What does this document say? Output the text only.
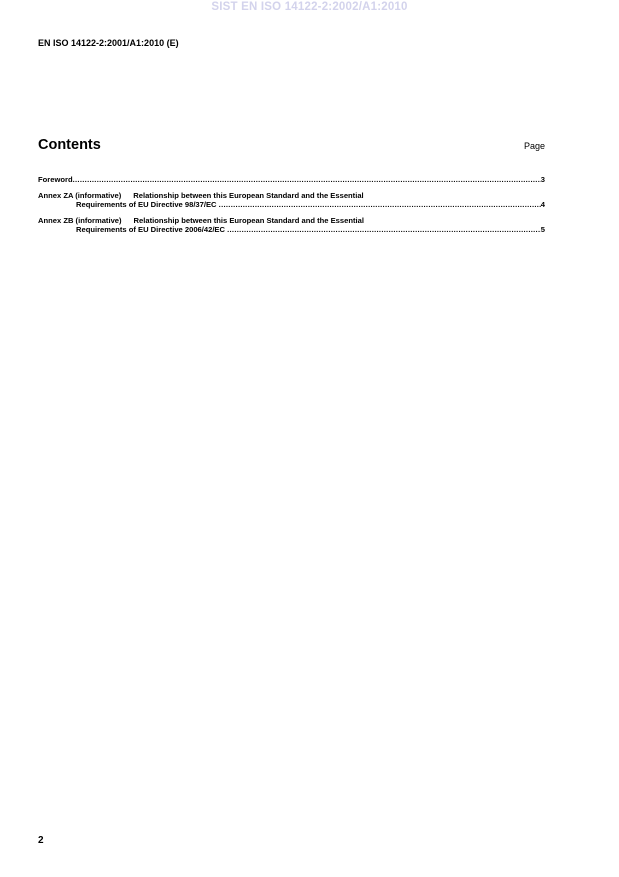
SIST EN ISO 14122-2:2002/A1:2010
EN ISO 14122-2:2001/A1:2010 (E)
Contents	Page
Foreword .....	3
Annex ZA (informative) Relationship between this European Standard and the Essential
Requirements of EU Directive 98/37/EC
.....	4
Annex ZB (informative) Relationship between this European Standard and the Essential
Requirements of EU Directive 2006/42/EC
.....	5
2
